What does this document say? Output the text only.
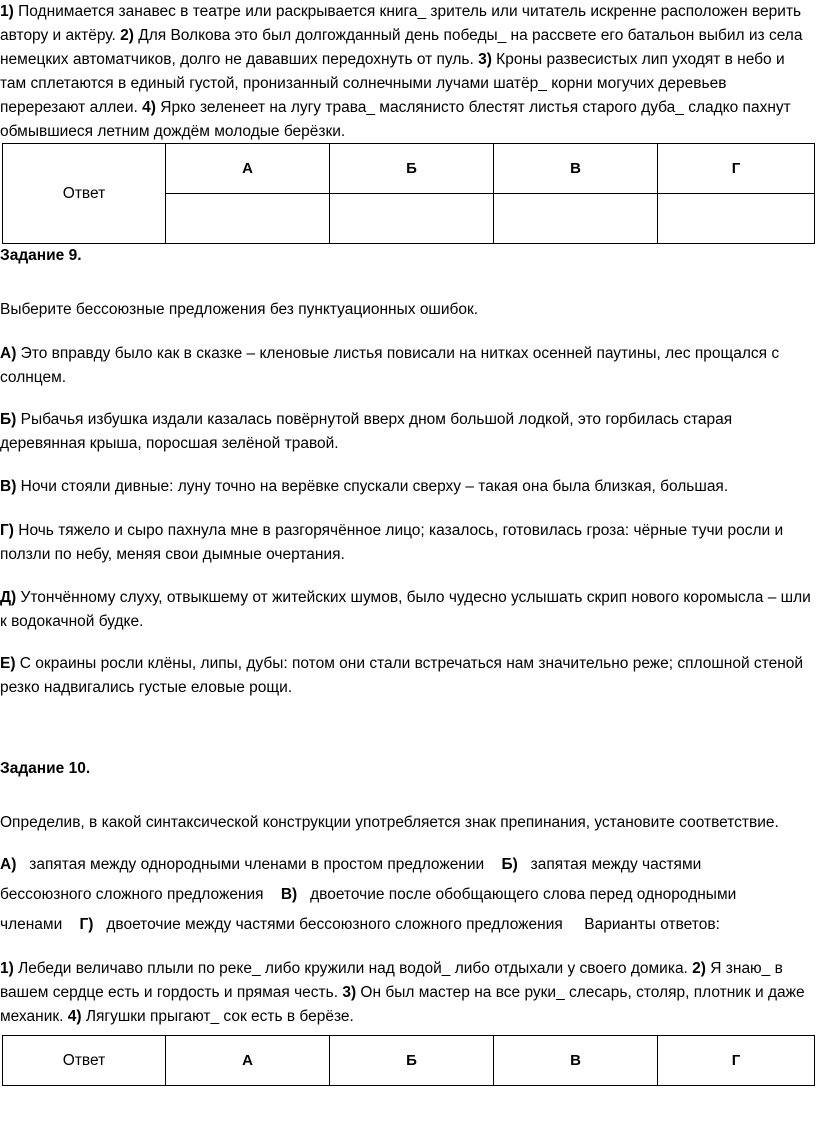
1) Поднимается занавес в театре или раскрывается книга_ зритель или читатель искренне расположен верить автору и актёру. 2) Для Волкова это был долгожданный день победы_ на рассвете его батальон выбил из села немецких автоматчиков, долго не дававших передохнуть от пуль. 3) Кроны развесистых лип уходят в небо и там сплетаются в единый густой, пронизанный солнечными лучами шатёр_ корни могучих деревьев перерезают аллеи. 4) Ярко зеленеет на лугу трава_ маслянисто блестят листья старого дуба_ сладко пахнут обмывшиеся летним дождём молодые берёзки.

Ответ	А	Б	В	Г

Задание 9.

Выберите бессоюзные предложения без пунктуационных ошибок.

А) Это вправду было как в сказке – кленовые листья повисали на нитках осенней паутины, лес прощался с солнцем.

Б) Рыбачья избушка издали казалась повёрнутой вверх дном большой лодкой, это горбилась старая деревянная крыша, поросшая зелёной травой.

В) Ночи стояли дивные: луну точно на верёвке спускали сверху – такая она была близкая, большая.

Г) Ночь тяжело и сыро пахнула мне в разгорячённое лицо; казалось, готовилась гроза: чёрные тучи росли и ползли по небу, меняя свои дымные очертания.

Д) Утончённому слуху, отвыкшему от житейских шумов, было чудесно услышать скрип нового коромысла – шли к водокачной будке.

Е) С окраины росли клёны, липы, дубы: потом они стали встречаться нам значительно реже; сплошной стеной резко надвигались густые еловые рощи.

Задание 10.

Определив, в какой синтаксической конструкции употребляется знак препинания, установите соответствие.

А)   запятая между однородными членами в простом предложении    Б)   запятая между частями

бессоюзного сложного предложения    В)   двоеточие после обобщающего слова перед однородными

членами    Г)   двоеточие между частями бессоюзного сложного предложения     Варианты ответов:

1) Лебеди величаво плыли по реке_ либо кружили над водой_ либо отдыхали у своего домика. 2) Я знаю_ в вашем сердце есть и гордость и прямая честь. 3) Он был мастер на все руки_ слесарь, столяр, плотник и даже механик. 4) Лягушки прыгают_ сок есть в берёзе.

Ответ	А	Б	В	Г
